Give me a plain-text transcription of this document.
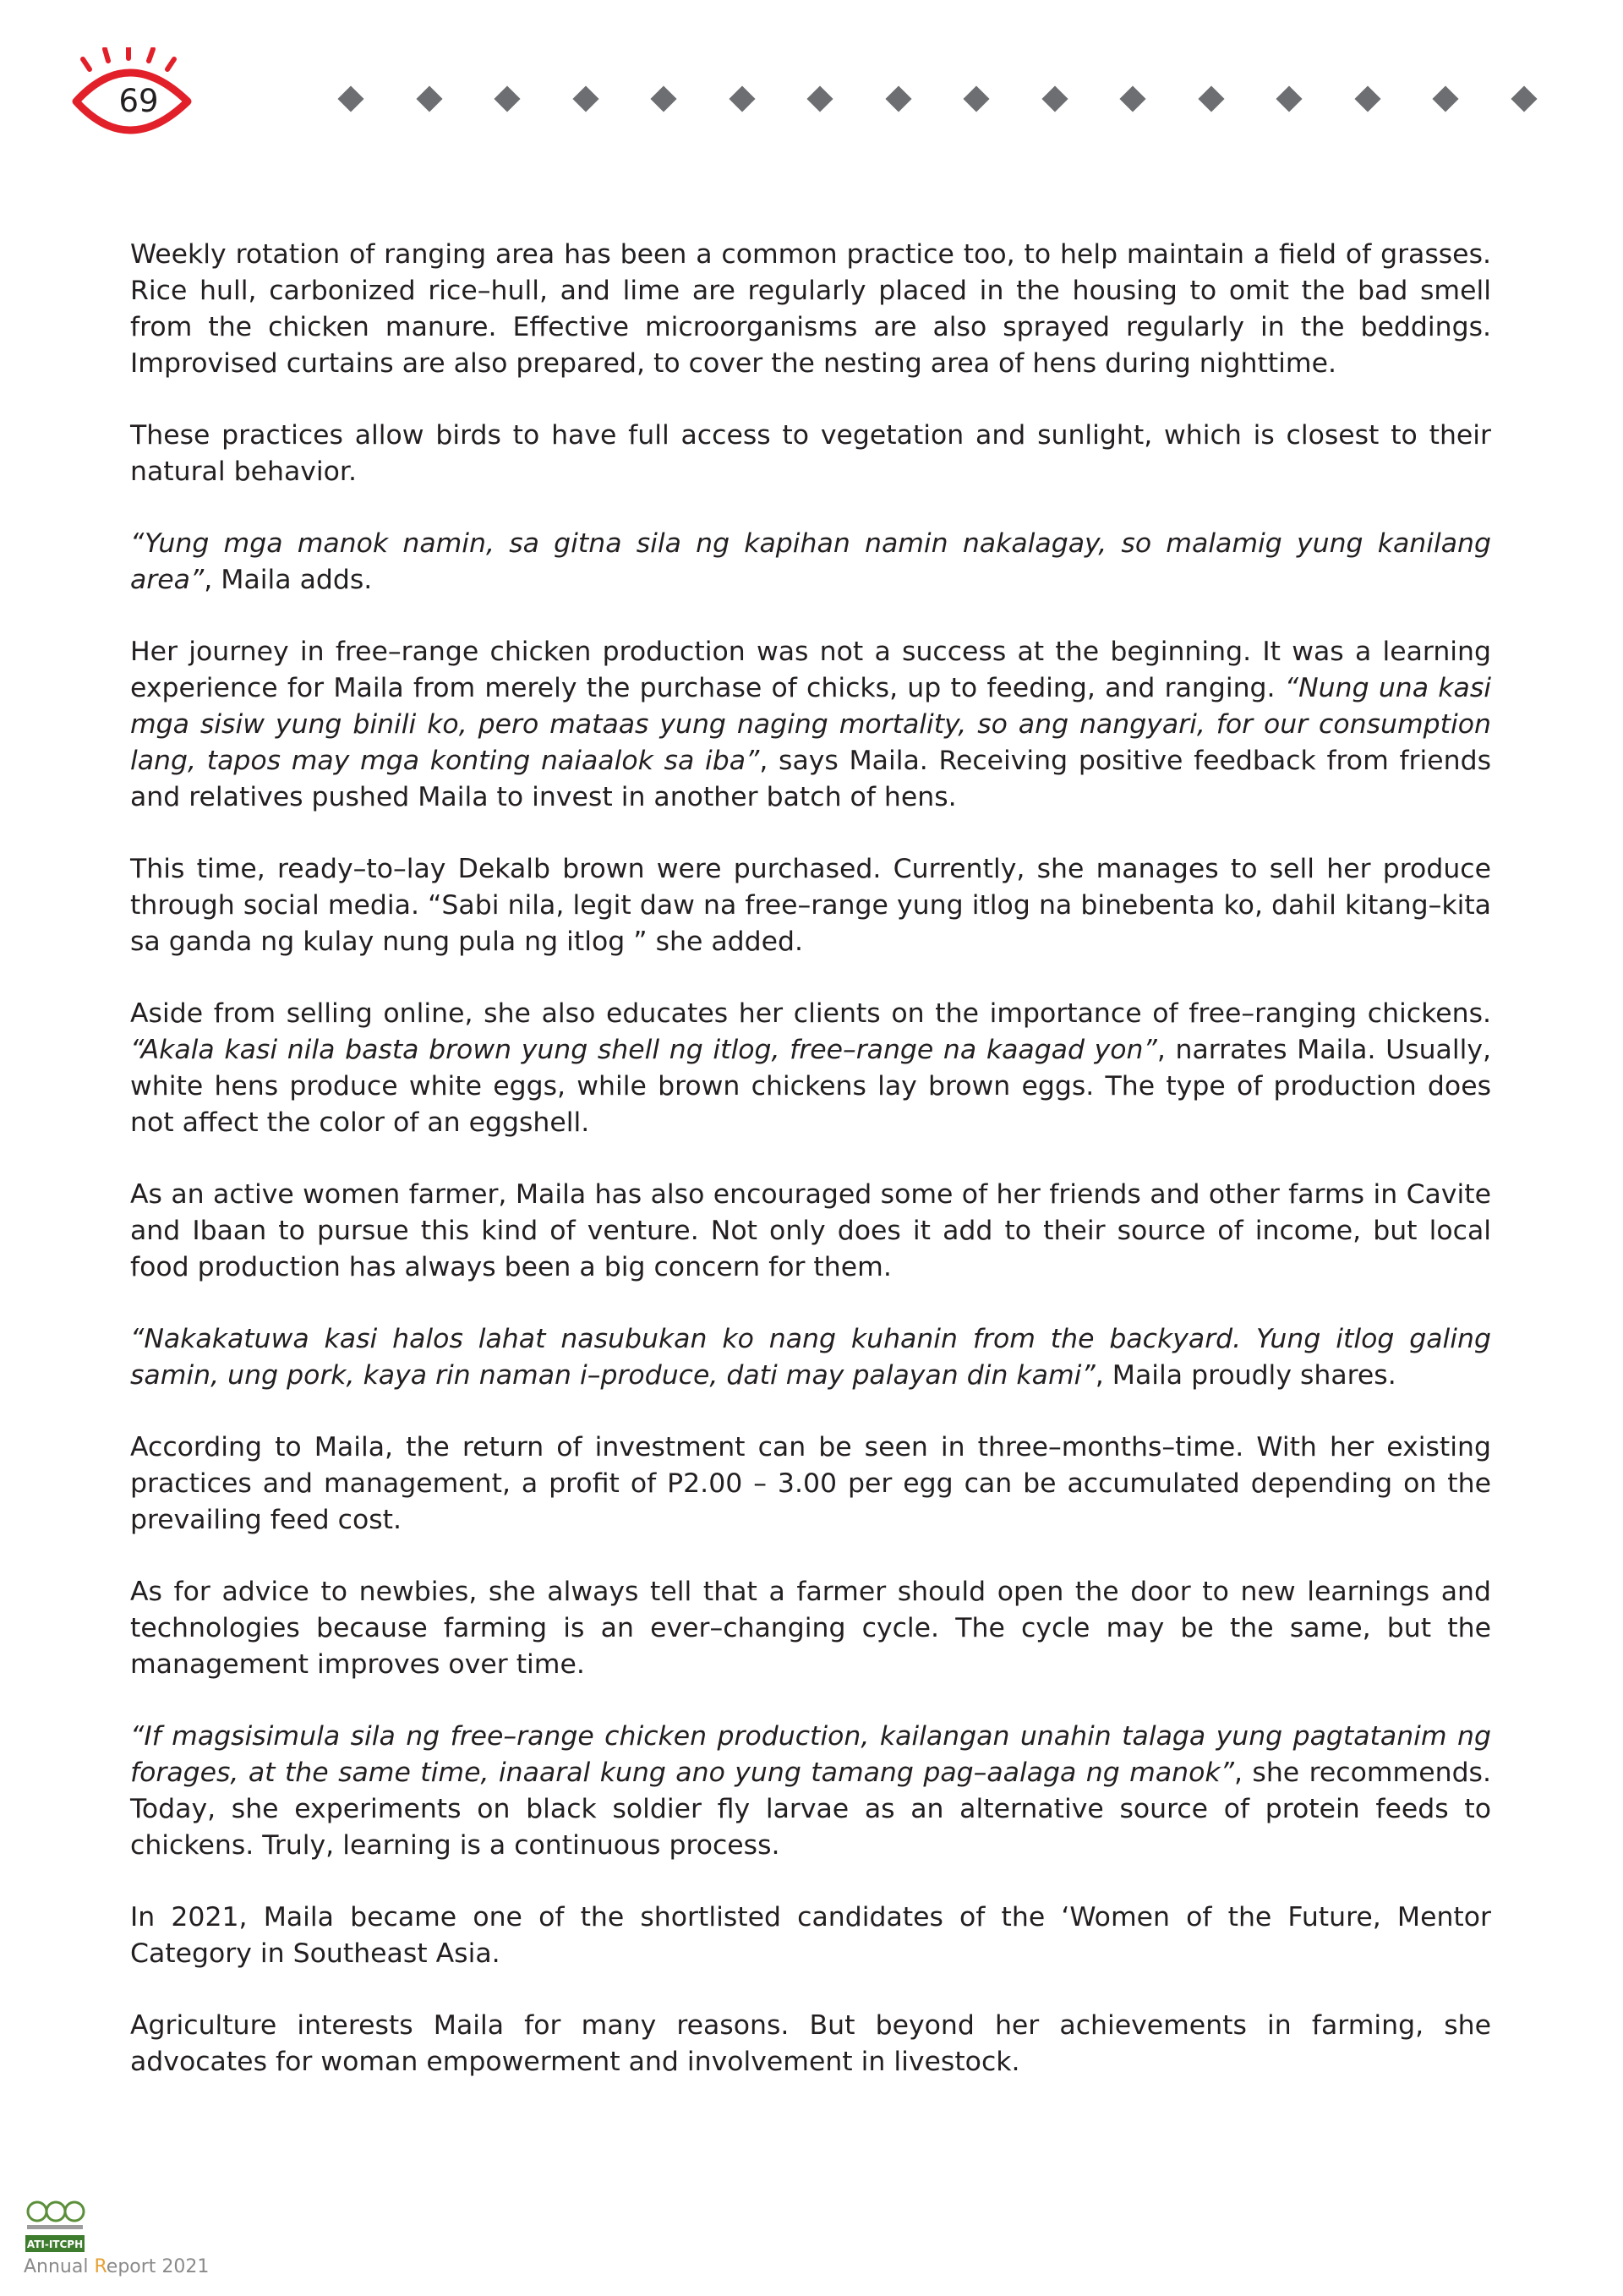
69

Weekly rotation of ranging area has been a common practice too, to help maintain a field of grasses. Rice hull, carbonized rice–hull, and lime are regularly placed in the housing to omit the bad smell from the chicken manure. Effective microorganisms are also sprayed regularly in the beddings. Improvised curtains are also prepared, to cover the nesting area of hens during nighttime.

These practices allow birds to have full access to vegetation and sunlight, which is closest to their natural behavior.

“Yung mga manok namin, sa gitna sila ng kapihan namin nakalagay, so malamig yung kanilang area”, Maila adds.

Her journey in free–range chicken production was not a success at the beginning. It was a learning experience for Maila from merely the purchase of chicks, up to feeding, and ranging. “Nung una kasi mga sisiw yung binili ko, pero mataas yung naging mortality, so ang nangyari, for our consumption lang, tapos may mga konting naiaalok sa iba”, says Maila. Receiving positive feedback from friends and relatives pushed Maila to invest in another batch of hens.

This time, ready–to–lay Dekalb brown were purchased. Currently, she manages to sell her produce through social media. “Sabi nila, legit daw na free–range yung itlog na binebenta ko, dahil kitang–kita sa ganda ng kulay nung pula ng itlog ” she added.

Aside from selling online, she also educates her clients on the importance of free–ranging chickens. “Akala kasi nila basta brown yung shell ng itlog, free–range na kaagad yon”, narrates Maila. Usually, white hens produce white eggs, while brown chickens lay brown eggs. The type of production does not affect the color of an eggshell.

As an active women farmer, Maila has also encouraged some of her friends and other farms in Cavite and Ibaan to pursue this kind of venture. Not only does it add to their source of income, but local food production has always been a big concern for them.

“Nakakatuwa kasi halos lahat nasubukan ko nang kuhanin from the backyard. Yung itlog galing samin, ung pork, kaya rin naman i–produce, dati may palayan din kami”, Maila proudly shares.

According to Maila, the return of investment can be seen in three–months–time. With her existing practices and management, a profit of P2.00 – 3.00 per egg can be accumulated depending on the prevailing feed cost.

As for advice to newbies, she always tell that a farmer should open the door to new learnings and technologies because farming is an ever–changing cycle. The cycle may be the same, but the management improves over time.

“If magsisimula sila ng free–range chicken production, kailangan unahin talaga yung pagtatanim ng forages, at the same time, inaaral kung ano yung tamang pag–aalaga ng manok”, she recommends. Today, she experiments on black soldier fly larvae as an alternative source of protein feeds to chickens. Truly, learning is a continuous process.

In 2021, Maila became one of the shortlisted candidates of the ‘Women of the Future, Mentor Category in Southeast Asia.

Agriculture interests Maila for many reasons. But beyond her achievements in farming, she advocates for woman empowerment and involvement in livestock.

ATI-ITCPH
Annual Report 2021
